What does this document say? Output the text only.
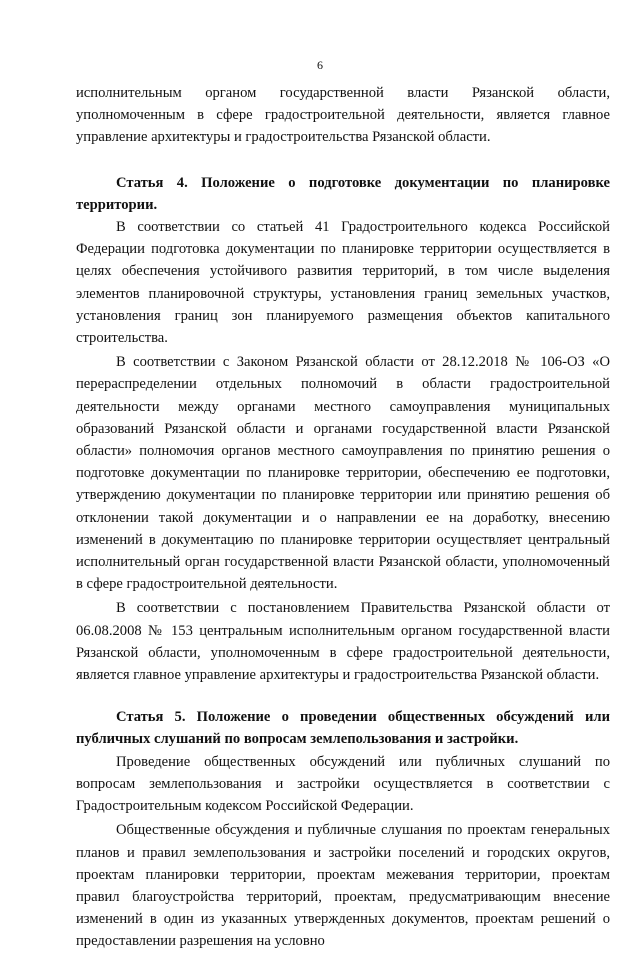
6

исполнительным органом государственной власти Рязанской области, уполномоченным в сфере градостроительной деятельности, является главное управление архитектуры и градостроительства Рязанской области.

Статья 4. Положение о подготовке документации по планировке территории.

В соответствии со статьей 41 Градостроительного кодекса Российской Федерации подготовка документации по планировке территории осуществляется в целях обеспечения устойчивого развития территорий, в том числе выделения элементов планировочной структуры, установления границ земельных участков, установления границ зон планируемого размещения объектов капитального строительства.

В соответствии с Законом Рязанской области от 28.12.2018 № 106-ОЗ «О перераспределении отдельных полномочий в области градостроительной деятельности между органами местного самоуправления муниципальных образований Рязанской области и органами государственной власти Рязанской области» полномочия органов местного самоуправления по принятию решения о подготовке документации по планировке территории, обеспечению ее подготовки, утверждению документации по планировке территории или принятию решения об отклонении такой документации и о направлении ее на доработку, внесению изменений в документацию по планировке территории осуществляет центральный исполнительный орган государственной власти Рязанской области, уполномоченный в сфере градостроительной деятельности.

В соответствии с постановлением Правительства Рязанской области от 06.08.2008 № 153 центральным исполнительным органом государственной власти Рязанской области, уполномоченным в сфере градостроительной деятельности, является главное управление архитектуры и градостроительства Рязанской области.

Статья 5. Положение о проведении общественных обсуждений или публичных слушаний по вопросам землепользования и застройки.

Проведение общественных обсуждений или публичных слушаний по вопросам землепользования и застройки осуществляется в соответствии с Градостроительным кодексом Российской Федерации.

Общественные обсуждения и публичные слушания по проектам генеральных планов и правил землепользования и застройки поселений и городских округов, проектам планировки территории, проектам межевания территории, проектам правил благоустройства территорий, проектам, предусматривающим внесение изменений в один из указанных утвержденных документов, проектам решений о предоставлении разрешения на условно
